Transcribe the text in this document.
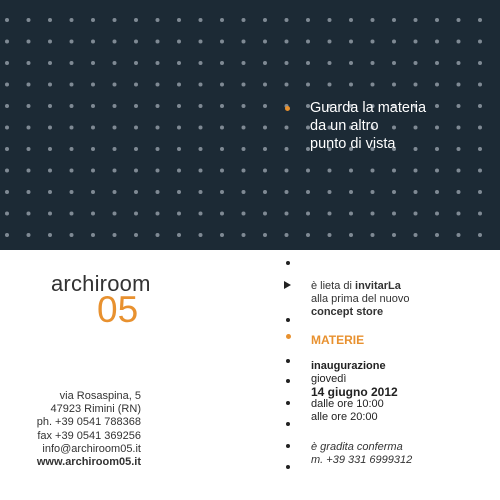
Guarda la materia
da un altro
punto di vista
archiroom
05
via Rosaspina, 5
47923 Rimini (RN)
ph. +39 0541 788368
fax +39 0541 369256
info@archiroom05.it
www.archiroom05.it
è lieta di invitarLa
alla prima del nuovo
concept store
MATERIE
inaugurazione
giovedì
14 giugno 2012
dalle ore 10:00
alle ore 20:00
è gradita conferma
m. +39 331 6999312
